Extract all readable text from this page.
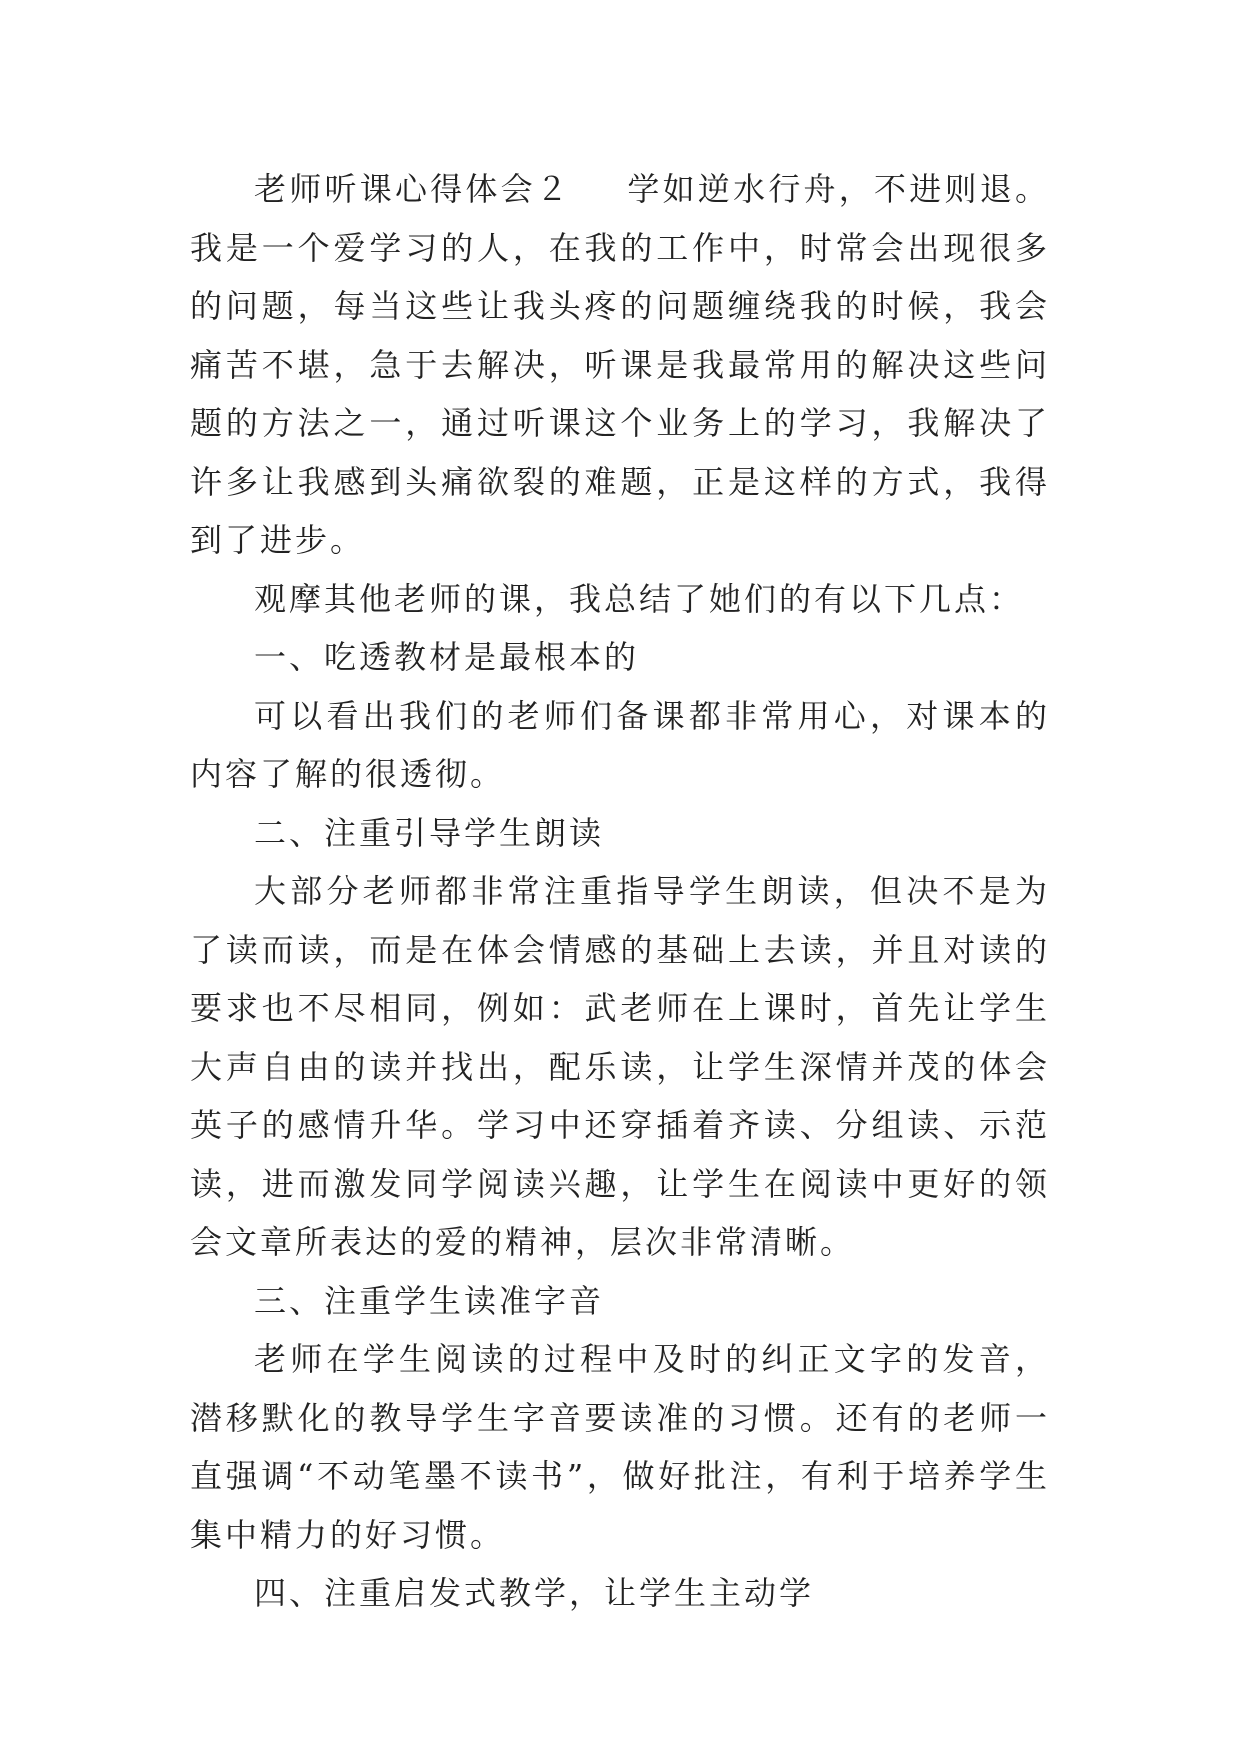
老师听课心得体会２ 学如逆水行舟，不进则退。我是一个爱学习的人，在我的工作中，时常会出现很多的问题，每当这些让我头疼的问题缠绕我的时候，我会痛苦不堪，急于去解决，听课是我最常用的解决这些问题的方法之一，通过听课这个业务上的学习，我解决了许多让我感到头痛欲裂的难题，正是这样的方式，我得到了进步。

观摩其他老师的课，我总结了她们的有以下几点：

一、吃透教材是最根本的

可以看出我们的老师们备课都非常用心，对课本的内容了解的很透彻。

二、注重引导学生朗读

大部分老师都非常注重指导学生朗读，但决不是为了读而读，而是在体会情感的基础上去读，并且对读的要求也不尽相同，例如：武老师在上课时，首先让学生大声自由的读并找出，配乐读，让学生深情并茂的体会英子的感情升华。学习中还穿插着齐读、分组读、示范读，进而激发同学阅读兴趣，让学生在阅读中更好的领会文章所表达的爱的精神，层次非常清晰。

三、注重学生读准字音

老师在学生阅读的过程中及时的纠正文字的发音，潜移默化的教导学生字音要读准的习惯。还有的老师一直强调“不动笔墨不读书”，做好批注，有利于培养学生集中精力的好习惯。

四、注重启发式教学，让学生主动学
